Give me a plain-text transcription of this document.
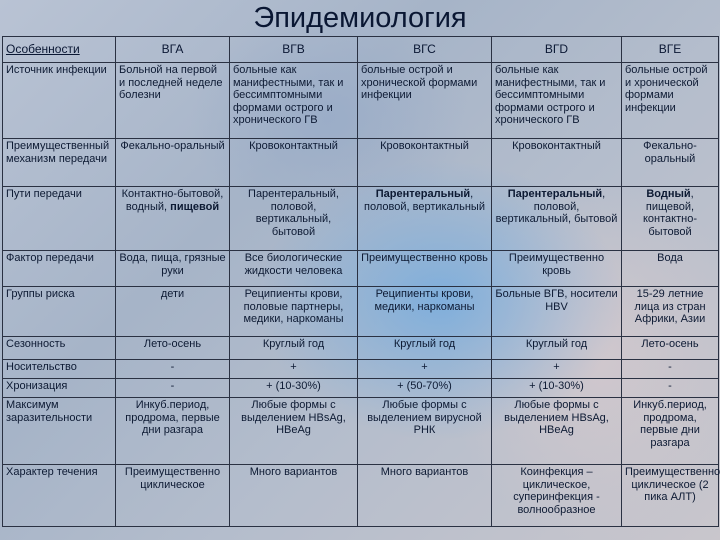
Эпидемиология
Особенности	ВГА	ВГВ	ВГС	ВГD	ВГЕ
Источник инфекции	Больной на первой и последней неделе болезни	больные как манифестными, так и бессимптомными формами острого и хронического ГВ	больные острой и хронической формами инфекции	больные как манифестными, так и бессимптомными формами острого и хронического ГВ	больные острой и хронической формами инфекции
Преимущественный механизм передачи	Фекально-оральный	Кровоконтактный	Кровоконтактный	Кровоконтактный	Фекально-оральный
Пути передачи	Контактно-бытовой, водный, пищевой	Парентеральный, половой, вертикальный, бытовой	Парентеральный, половой, вертикальный	Парентеральный, половой, вертикальный, бытовой	Водный, пищевой, контактно-бытовой
Фактор передачи	Вода, пища, грязные руки	Все биологические жидкости человека	Преимущественно кровь	Преимущественно кровь	Вода
Группы риска	дети	Реципиенты крови, половые партнеры, медики, наркоманы	Реципиенты крови, медики, наркоманы	Больные ВГВ, носители HBV	15-29 летние лица из стран Африки, Азии
Сезонность	Лето-осень	Круглый год	Круглый год	Круглый год	Лето-осень
Носительство	-	+	+	+	-
Хронизация	-	+ (10-30%)	+ (50-70%)	+ (10-30%)	-
Максимум заразительности	Инкуб.период, продрома, первые дни разгара	Любые формы с выделением HBsAg, HBeAg	Любые формы с выделением вирусной РНК	Любые формы с выделением HBsAg, HBeAg	Инкуб.период, продрома, первые дни разгара
Характер течения	Преимущественно циклическое	Много вариантов	Много вариантов	Коинфекция – циклическое, суперинфекция - волнообразное	Преимущественно циклическое (2 пика АЛТ)
